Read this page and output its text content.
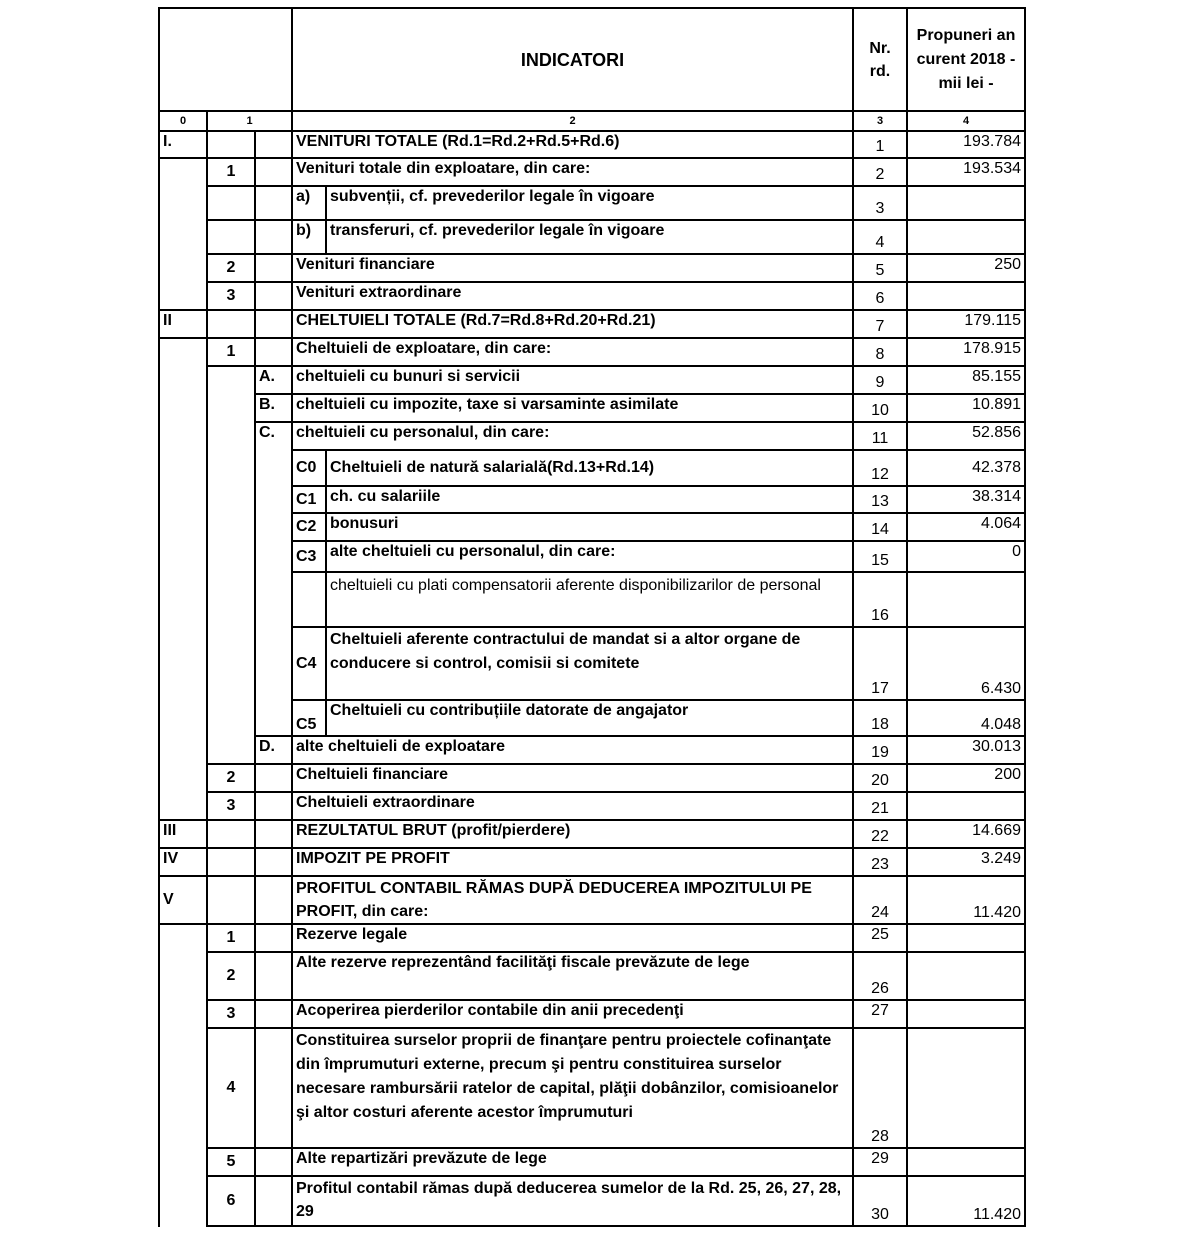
			INDICATORI		Nr. rd.	Propuneri an curent 2018 - mii lei -
0	1		2		3	4
I.			VENITURI TOTALE (Rd.1=Rd.2+Rd.5+Rd.6)		1	193.784
	1		Venituri totale din exploatare, din care:		2	193.534
			a)	subvenții, cf. prevederilor legale în vigoare	3	
			b)	transferuri, cf. prevederilor legale în vigoare	4	
	2		Venituri financiare		5	250
	3		Venituri extraordinare		6	
II			CHELTUIELI TOTALE (Rd.7=Rd.8+Rd.20+Rd.21)		7	179.115
	1		Cheltuieli de exploatare, din care:		8	178.915
		A.	cheltuieli cu bunuri si servicii		9	85.155
		B.	cheltuieli cu impozite, taxe si varsaminte asimilate		10	10.891
		C.	cheltuieli cu personalul, din care:		11	52.856
			C0	Cheltuieli de natură salarială(Rd.13+Rd.14)	12	42.378
			C1	ch. cu salariile	13	38.314
			C2	bonusuri	14	4.064
			C3	alte cheltuieli cu personalul, din care:	15	0
				cheltuieli cu plati compensatorii aferente disponibilizarilor de personal	16	
			C4	Cheltuieli aferente contractului de mandat si a altor organe de conducere si control, comisii si comitete	17	6.430
			C5	Cheltuieli cu contribuțiile datorate de angajator	18	4.048
		D.	alte cheltuieli de exploatare		19	30.013
	2		Cheltuieli financiare		20	200
	3		Cheltuieli extraordinare		21	
III			REZULTATUL BRUT (profit/pierdere)		22	14.669
IV			IMPOZIT PE PROFIT		23	3.249
V			PROFITUL CONTABIL RĂMAS DUPĂ DEDUCEREA IMPOZITULUI PE PROFIT, din care:		24	11.420
	1		Rezerve legale		25	
	2		Alte rezerve reprezentând facilităţi fiscale prevăzute de lege		26	
	3		Acoperirea pierderilor contabile din anii precedenţi		27	
	4		Constituirea surselor proprii de finanţare pentru proiectele cofinanţate din împrumuturi externe, precum şi pentru constituirea surselor necesare rambursării ratelor de capital, plăţii dobânzilor, comisioanelor şi altor costuri aferente acestor împrumuturi		28	
	5		Alte repartizări prevăzute de lege		29	
	6		Profitul contabil rămas după deducerea sumelor de la Rd. 25, 26, 27, 28, 29		30	11.420
